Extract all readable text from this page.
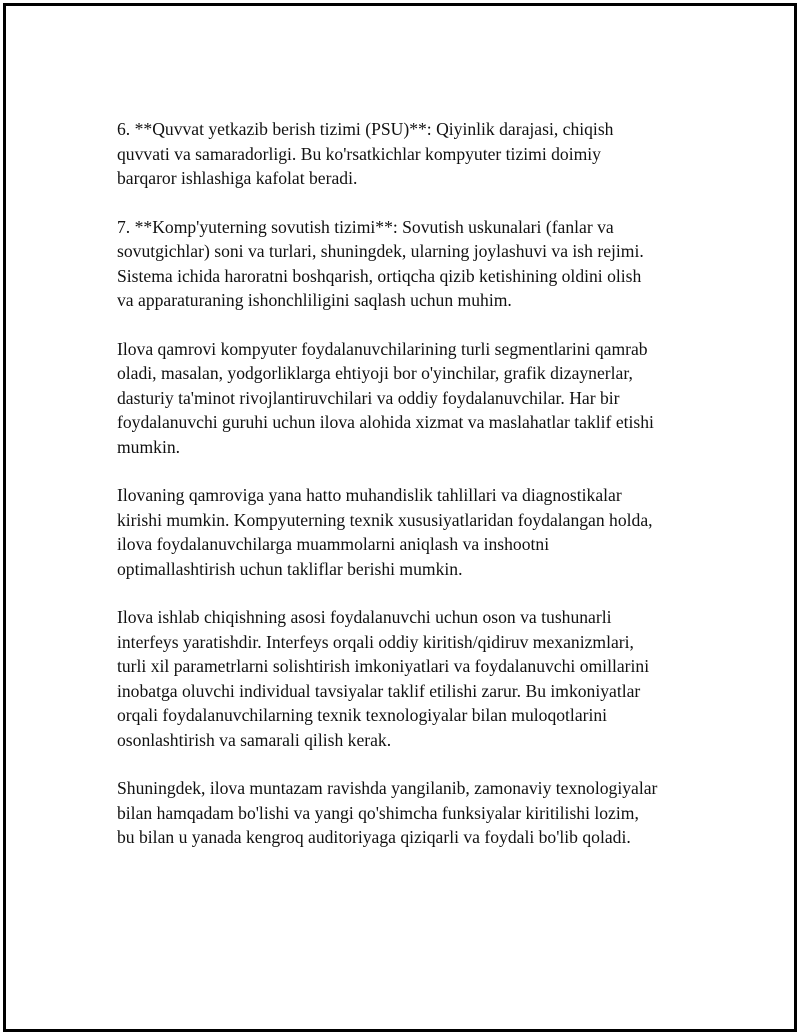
6. **Quvvat yetkazib berish tizimi (PSU)**: Qiyinlik darajasi, chiqish
quvvati va samaradorligi. Bu ko'rsatkichlar kompyuter tizimi doimiy
barqaror ishlashiga kafolat beradi.

7. **Komp'yuterning sovutish tizimi**: Sovutish uskunalari (fanlar va
sovutgichlar) soni va turlari, shuningdek, ularning joylashuvi va ish rejimi.
Sistema ichida haroratni boshqarish, ortiqcha qizib ketishining oldini olish
va apparaturaning ishonchliligini saqlash uchun muhim.

Ilova qamrovi kompyuter foydalanuvchilarining turli segmentlarini qamrab
oladi, masalan, yodgorliklarga ehtiyoji bor o'yinchilar, grafik dizaynerlar,
dasturiy ta'minot rivojlantiruvchilari va oddiy foydalanuvchilar. Har bir
foydalanuvchi guruhi uchun ilova alohida xizmat va maslahatlar taklif etishi
mumkin.

Ilovaning qamroviga yana hatto muhandislik tahlillari va diagnostikalar
kirishi mumkin. Kompyuterning texnik xususiyatlaridan foydalangan holda,
ilova foydalanuvchilarga muammolarni aniqlash va inshootni
optimallashtirish uchun takliflar berishi mumkin.

Ilova ishlab chiqishning asosi foydalanuvchi uchun oson va tushunarli
interfeys yaratishdir. Interfeys orqali oddiy kiritish/qidiruv mexanizmlari,
turli xil parametrlarni solishtirish imkoniyatlari va foydalanuvchi omillarini
inobatga oluvchi individual tavsiyalar taklif etilishi zarur. Bu imkoniyatlar
orqali foydalanuvchilarning texnik texnologiyalar bilan muloqotlarini
osonlashtirish va samarali qilish kerak.

Shuningdek, ilova muntazam ravishda yangilanib, zamonaviy texnologiyalar
bilan hamqadam bo'lishi va yangi qo'shimcha funksiyalar kiritilishi lozim,
bu bilan u yanada kengroq auditoriyaga qiziqarli va foydali bo'lib qoladi.
